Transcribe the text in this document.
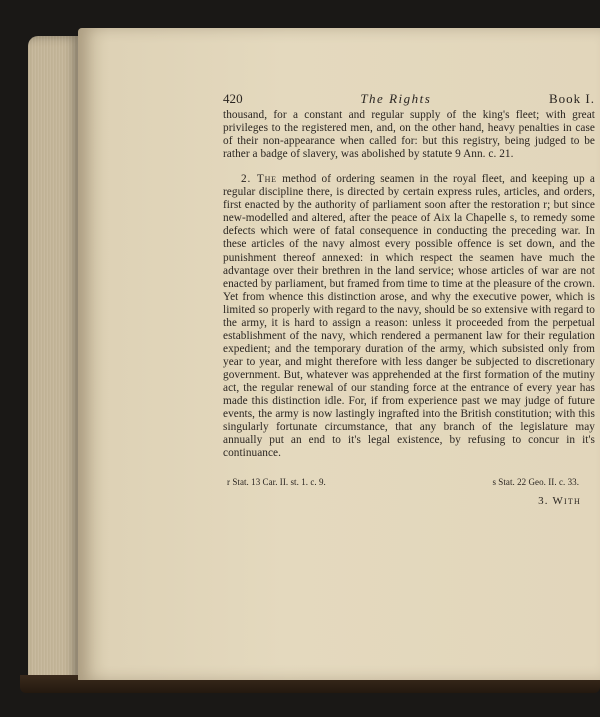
420	The Rights	Book I.

thousand, for a constant and regular supply of the king's fleet; with great privileges to the registered men, and, on the other hand, heavy penalties in case of their non-appearance when called for: but this registry, being judged to be rather a badge of slavery, was abolished by statute 9 Ann. c. 21.

2. The method of ordering seamen in the royal fleet, and keeping up a regular discipline there, is directed by certain express rules, articles, and orders, first enacted by the authority of parliament soon after the restoration r; but since new-modelled and altered, after the peace of Aix la Chapelle s, to remedy some defects which were of fatal consequence in conducting the preceding war. In these articles of the navy almost every possible offence is set down, and the punishment thereof annexed: in which respect the seamen have much the advantage over their brethren in the land service; whose articles of war are not enacted by parliament, but framed from time to time at the pleasure of the crown. Yet from whence this distinction arose, and why the executive power, which is limited so properly with regard to the navy, should be so extensive with regard to the army, it is hard to assign a reason: unless it proceeded from the perpetual establishment of the navy, which rendered a permanent law for their regulation expedient; and the temporary duration of the army, which subsisted only from year to year, and might therefore with less danger be subjected to discretionary government. But, whatever was apprehended at the first formation of the mutiny act, the regular renewal of our standing force at the entrance of every year has made this distinction idle. For, if from experience past we may judge of future events, the army is now lastingly ingrafted into the British constitution; with this singularly fortunate circumstance, that any branch of the legislature may annually put an end to it's legal existence, by refusing to concur in it's continuance.

r Stat. 13 Car. II. st. 1. c. 9.	s Stat. 22 Geo. II. c. 33.
3. With
